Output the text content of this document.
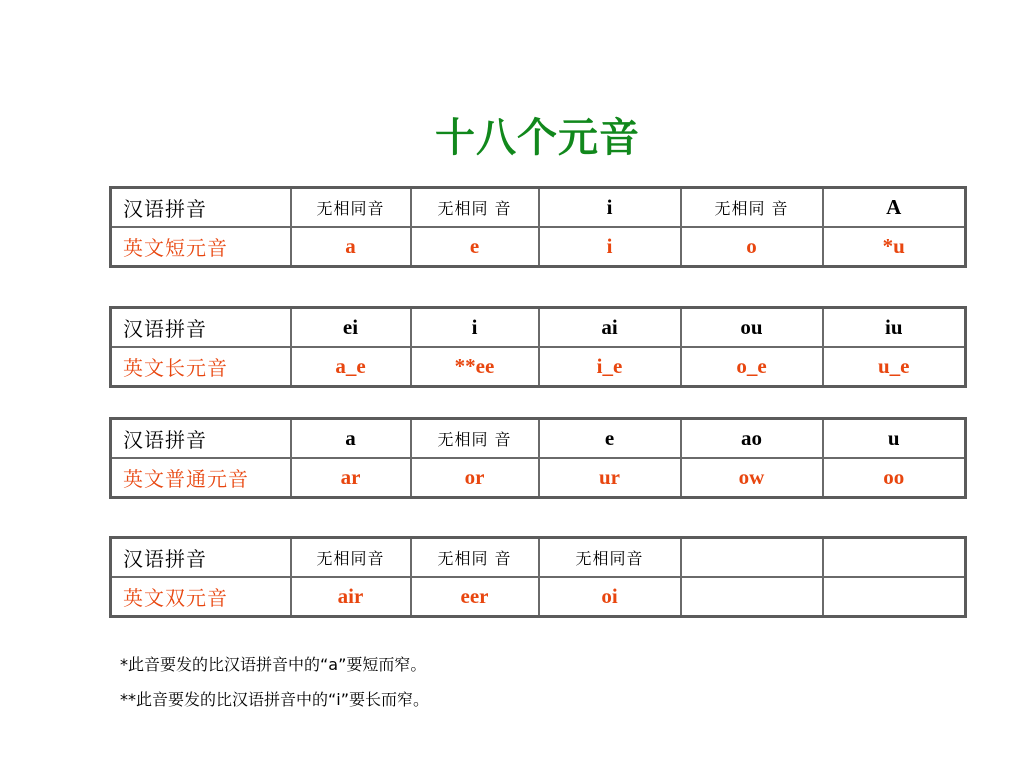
十八个元音
汉语拼音	无相同音	无相同 音	i	无相同 音	A
英文短元音	a	e	i	o	*u
汉语拼音	ei	i	ai	ou	iu
英文长元音	a_e	**ee	i_e	o_e	u_e
汉语拼音	a	无相同 音	e	ao	u
英文普通元音	ar	or	ur	ow	oo
汉语拼音	无相同音	无相同 音	无相同音		
英文双元音	air	eer	oi		
*此音要发的比汉语拼音中的“a”要短而窄。
**此音要发的比汉语拼音中的“i”要长而窄。
